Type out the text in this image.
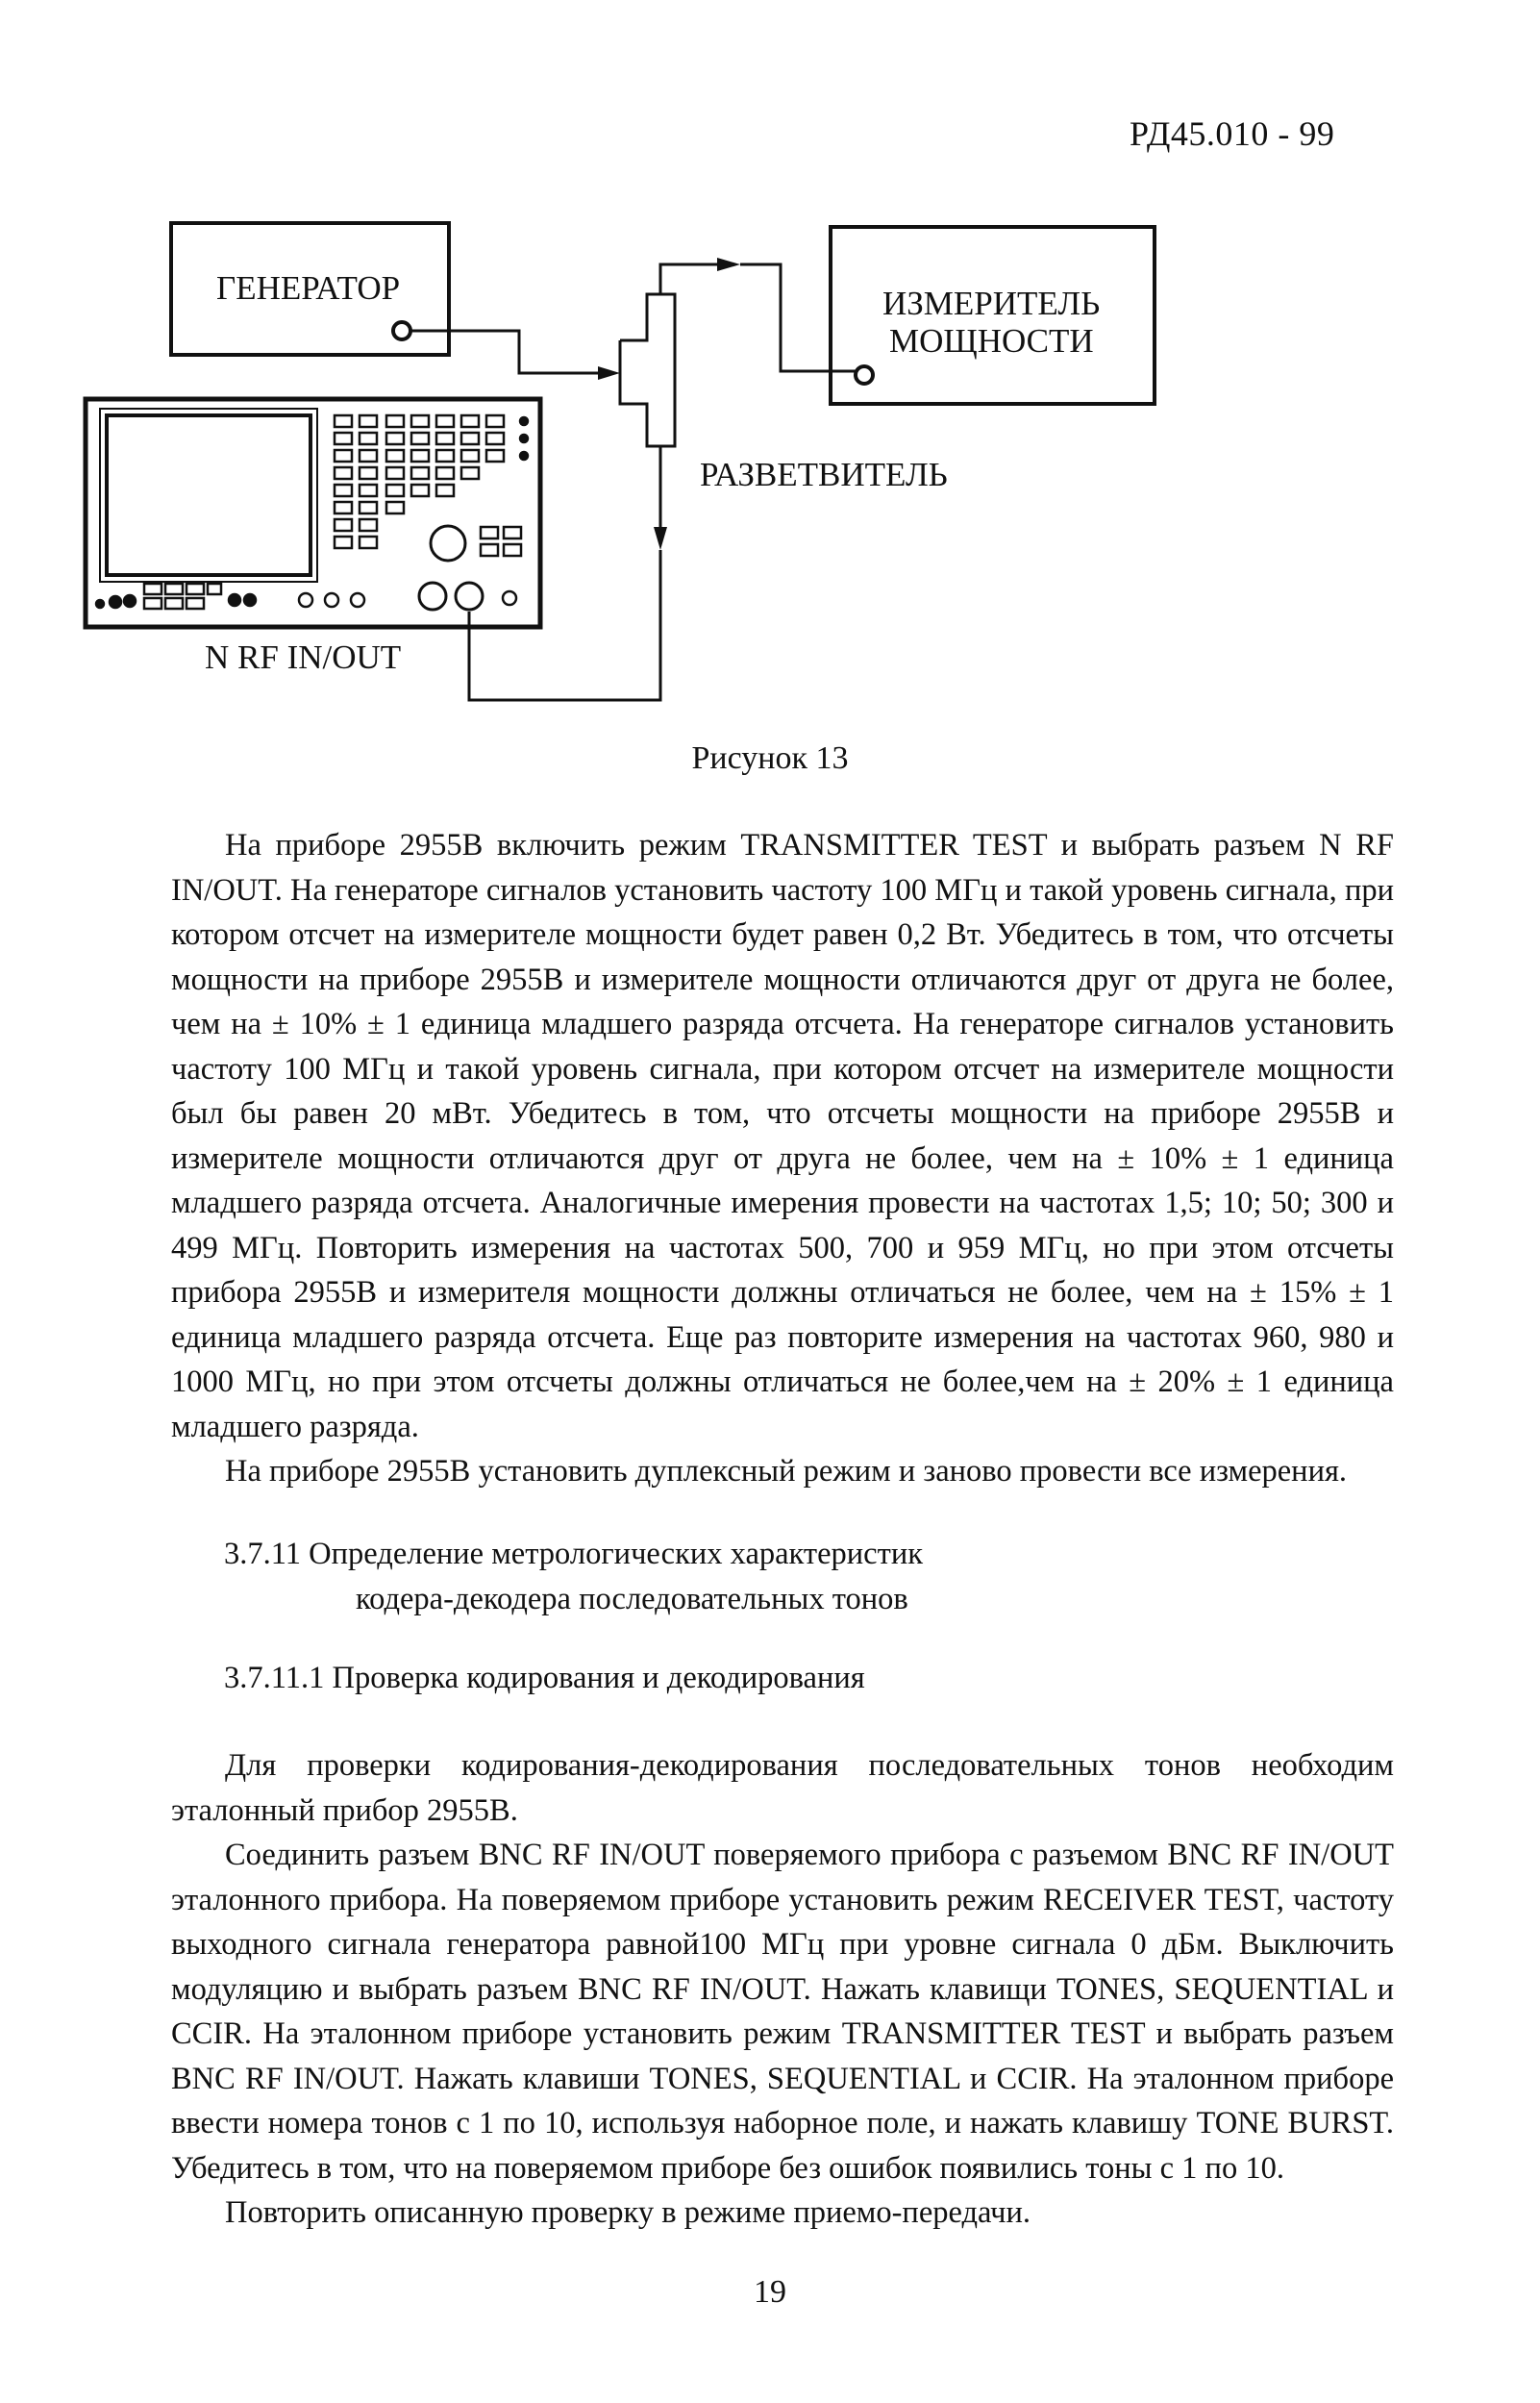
РД45.010 - 99
ГЕНЕРАТОР	ИЗМЕРИТЕЛЬ
МОЩНОСТИ
РАЗВЕТВИТЕЛЬ
N RF IN/OUT
Рисунок 13

На приборе 2955В включить режим TRANSMITTER TEST и выбрать разъем N RF IN/OUT. На генераторе сигналов установить частоту 100 МГц и такой уровень сигнала, при котором отсчет на измерителе мощности будет равен 0,2 Вт. Убедитесь в том, что отсчеты мощности на приборе 2955В и измерителе мощности отличаются друг от друга не более, чем на ± 10% ± 1 единица младшего разряда отсчета. На генераторе сигналов установить частоту 100 МГц и такой уровень сигнала, при котором отсчет на измерителе мощности был бы равен 20 мВт. Убедитесь в том, что отсчеты мощности на приборе 2955В и измерителе мощности отличаются друг от друга не более, чем на ± 10% ± 1 единица младшего разряда отсчета. Аналогичные имерения провести на частотах 1,5; 10; 50; 300 и 499 МГц. Повторить измерения на частотах 500, 700 и 959 МГц, но при этом отсчеты прибора 2955В и измерителя мощности должны отличаться не более, чем на ± 15% ± 1 единица младшего разряда отсчета. Еще раз повторите измерения на частотах 960, 980 и 1000 МГц, но при этом отсчеты должны отличаться не более,чем на ± 20% ± 1 единица младшего разряда.

На приборе 2955В установить дуплексный режим и заново провести все измерения.

3.7.11 Определение метрологических характеристик
кодера-декодера последовательных тонов
3.7.11.1 Проверка кодирования и декодирования

Для проверки кодирования-декодирования последовательных тонов необходим эталонный прибор 2955В.

Соединить разъем BNC RF IN/OUT поверяемого прибора с разъемом BNC RF IN/OUT эталонного прибора. На поверяемом приборе установить режим RECEIVER TEST, частоту выходного сигнала генератора равной100 МГц при уровне сигнала 0 дБм. Выключить модуляцию и выбрать разъем BNC RF IN/OUT. Нажать клавищи TONES, SEQUENTIAL и CCIR. На эталонном приборе установить режим TRANSMITTER TEST и выбрать разъем BNC RF IN/OUT. Нажать клавиши TONES, SEQUENTIAL и CCIR. На эталонном приборе ввести номера тонов с 1 по 10, используя наборное поле, и нажать клавишу TONE BURST. Убедитесь в том, что на поверяемом приборе без ошибок появились тоны с 1 по 10.

Повторить описанную проверку в режиме приемо-передачи.

19
